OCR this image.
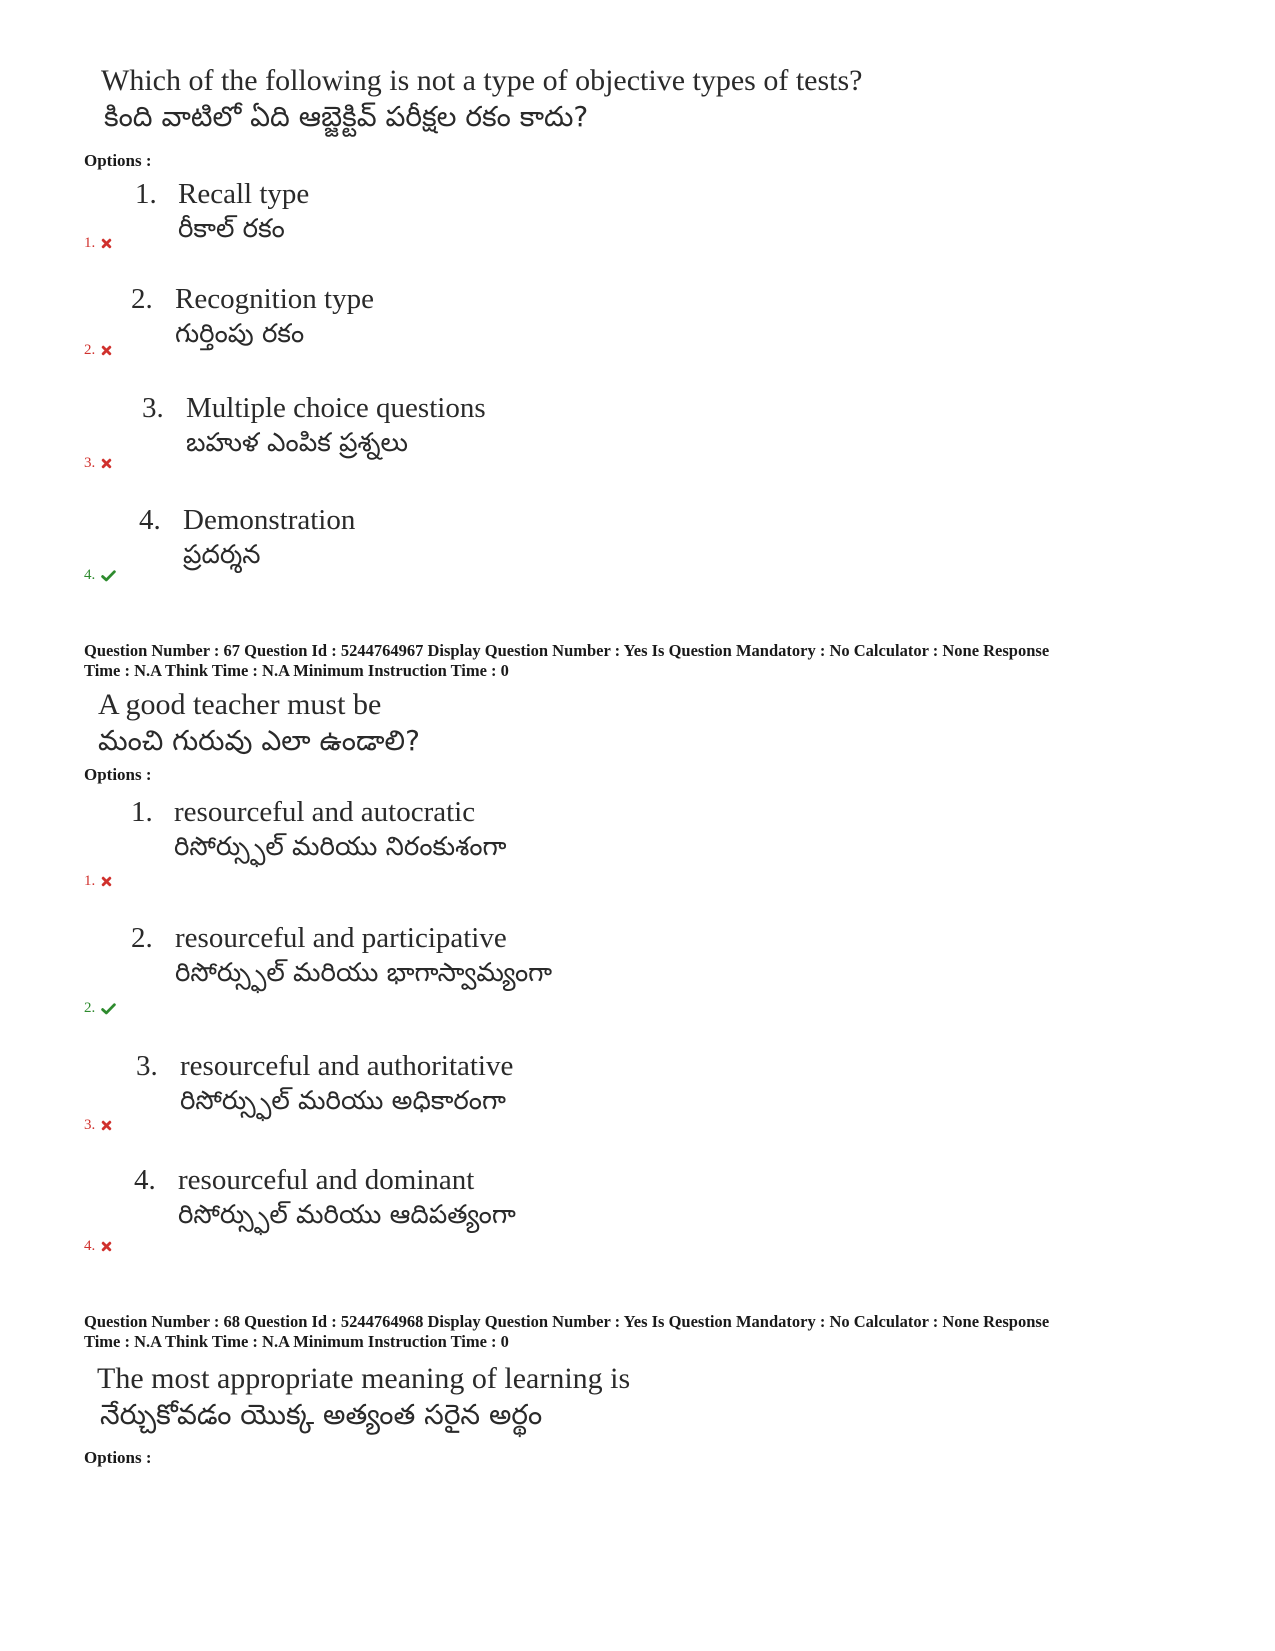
Which of the following is not a type of objective types of tests?
కింది వాటిలో ఏది ఆబ్జెక్టివ్ పరీక్షల రకం కాదు?
Options :
1. Recall type
రీకాల్ రకం
1.
2. Recognition type
గుర్తింపు రకం
2.
3. Multiple choice questions
బహుళ ఎంపిక ప్రశ్నలు
3.
4. Demonstration
ప్రదర్శన
4.
Question Number : 67 Question Id : 5244764967 Display Question Number : Yes Is Question Mandatory : No Calculator : None Response
Time : N.A Think Time : N.A Minimum Instruction Time : 0
A good teacher must be
మంచి గురువు ఎలా ఉండాలి?
Options :
1. resourceful and autocratic
రిసోర్స్ఫుల్ మరియు నిరంకుశంగా
1.
2. resourceful and participative
రిసోర్స్ఫుల్ మరియు భాగాస్వామ్యంగా
2.
3. resourceful and authoritative
రిసోర్స్ఫుల్ మరియు అధికారంగా
3.
4. resourceful and dominant
రిసోర్స్ఫుల్ మరియు ఆదిపత్యంగా
4.
Question Number : 68 Question Id : 5244764968 Display Question Number : Yes Is Question Mandatory : No Calculator : None Response
Time : N.A Think Time : N.A Minimum Instruction Time : 0
The most appropriate meaning of learning is
నేర్చుకోవడం యొక్క అత్యంత సరైన అర్థం
Options :
